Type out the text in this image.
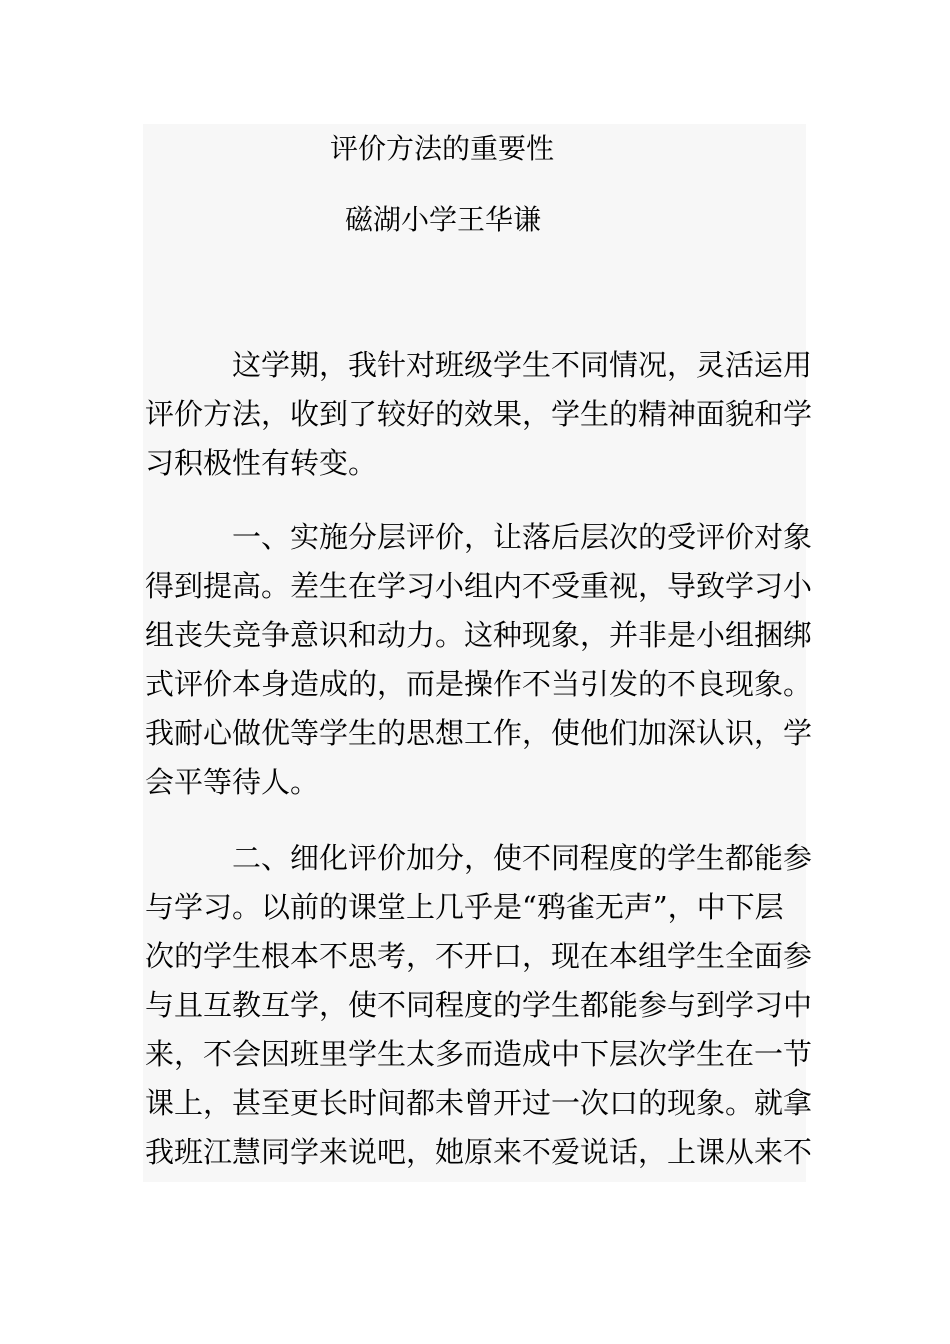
评价方法的重要性
磁湖小学王华谦
这学期，我针对班级学生不同情况，灵活运用
评价方法，收到了较好的效果，学生的精神面貌和学
习积极性有转变。
一、实施分层评价，让落后层次的受评价对象
得到提高。差生在学习小组内不受重视，导致学习小
组丧失竞争意识和动力。这种现象，并非是小组捆绑
式评价本身造成的，而是操作不当引发的不良现象。
我耐心做优等学生的思想工作，使他们加深认识，学
会平等待人。
二、细化评价加分，使不同程度的学生都能参
与学习。以前的课堂上几乎是“鸦雀无声”，中下层
次的学生根本不思考，不开口，现在本组学生全面参
与且互教互学，使不同程度的学生都能参与到学习中
来，不会因班里学生太多而造成中下层次学生在一节
课上，甚至更长时间都未曾开过一次口的现象。就拿
我班江慧同学来说吧，她原来不爱说话，上课从来不
